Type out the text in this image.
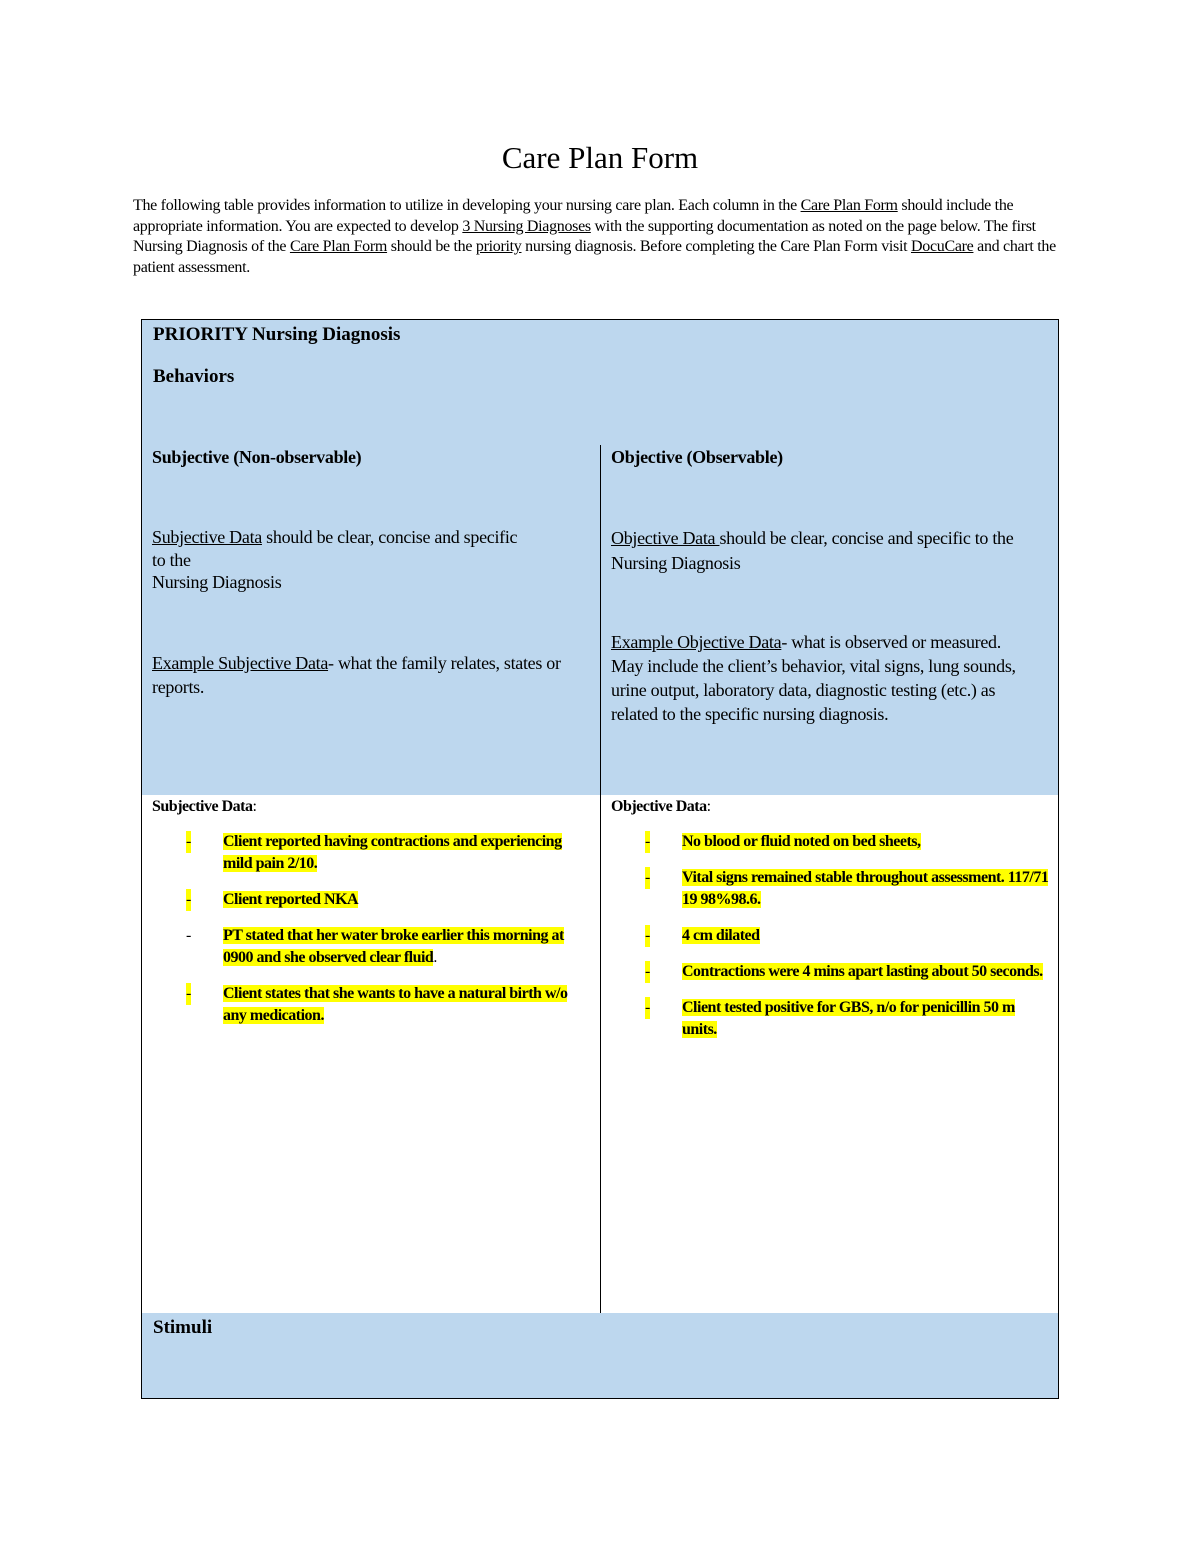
Care Plan Form

The following table provides information to utilize in developing your nursing care plan. Each column in the Care Plan Form should include the appropriate information. You are expected to develop 3 Nursing Diagnoses with the supporting documentation as noted on the page below. The first Nursing Diagnosis of the Care Plan Form should be the priority nursing diagnosis. Before completing the Care Plan Form visit DocuCare and chart the patient assessment.

PRIORITY Nursing Diagnosis
Behaviors
Subjective (Non-observable)
Subjective Data should be clear, concise and specific
to the
Nursing Diagnosis
Example Subjective Data- what the family relates, states or reports.
Objective (Observable)
Objective Data should be clear, concise and specific to the Nursing Diagnosis
Example Objective Data- what is observed or measured. May include the client’s behavior, vital signs, lung sounds, urine output, laboratory data, diagnostic testing (etc.) as related to the specific nursing diagnosis.
Subjective Data:
- Client reported having contractions and experiencing mild pain 2/10.
- Client reported NKA
- PT stated that her water broke earlier this morning at 0900 and she observed clear fluid.
- Client states that she wants to have a natural birth w/o any medication.
Objective Data:
- No blood or fluid noted on bed sheets,
- Vital signs remained stable throughout assessment. 117/71 19 98%98.6.
- 4 cm dilated
- Contractions were 4 mins apart lasting about 50 seconds.
- Client tested positive for GBS, n/o for penicillin 50 m units.
Stimuli
